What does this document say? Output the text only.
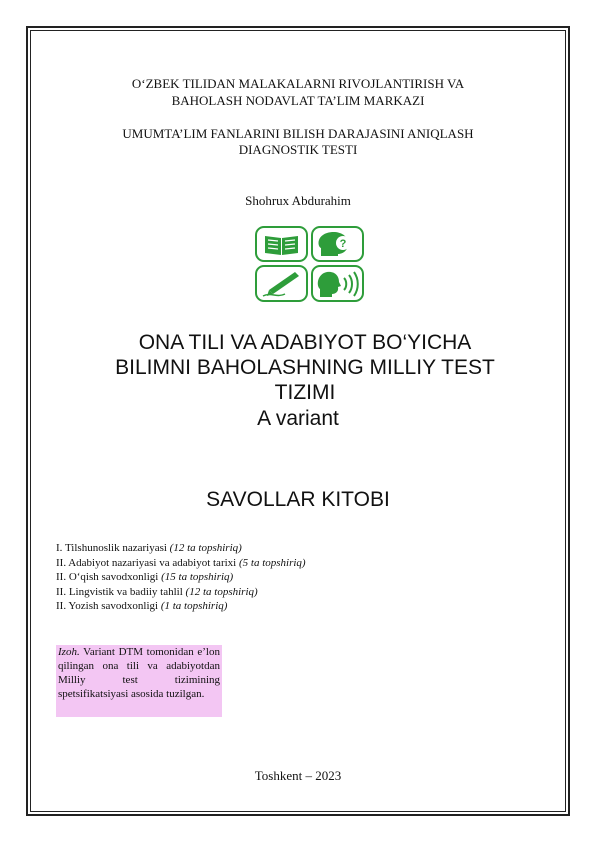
O‘ZBEK TILIDAN MALAKALARNI RIVOJLANTIRISH VA
BAHOLASH NODAVLAT TA’LIM MARKAZI
UMUMTA’LIM FANLARINI BILISH DARAJASINI ANIQLASH
DIAGNOSTIK TESTI
Shohrux Abdurahim
?
ONA TILI VA ADABIYOT BO‘YICHA
BILIMNI BAHOLASHNING MILLIY TEST
TIZIMI
A variant
SAVOLLAR KITOBI
I. Tilshunoslik nazariyasi (12 ta topshiriq)
II. Adabiyot nazariyasi va adabiyot tarixi (5 ta topshiriq)
II. O‘qish savodxonligi (15 ta topshiriq)
II. Lingvistik va badiiy tahlil (12 ta topshiriq)
II. Yozish savodxonligi (1 ta topshiriq)

Izoh. Variant DTM tomonidan e’lon qilingan ona tili va adabiyotdan Milliy test tizimining spetsifikatsiyasi asosida tuzilgan.

Toshkent – 2023
